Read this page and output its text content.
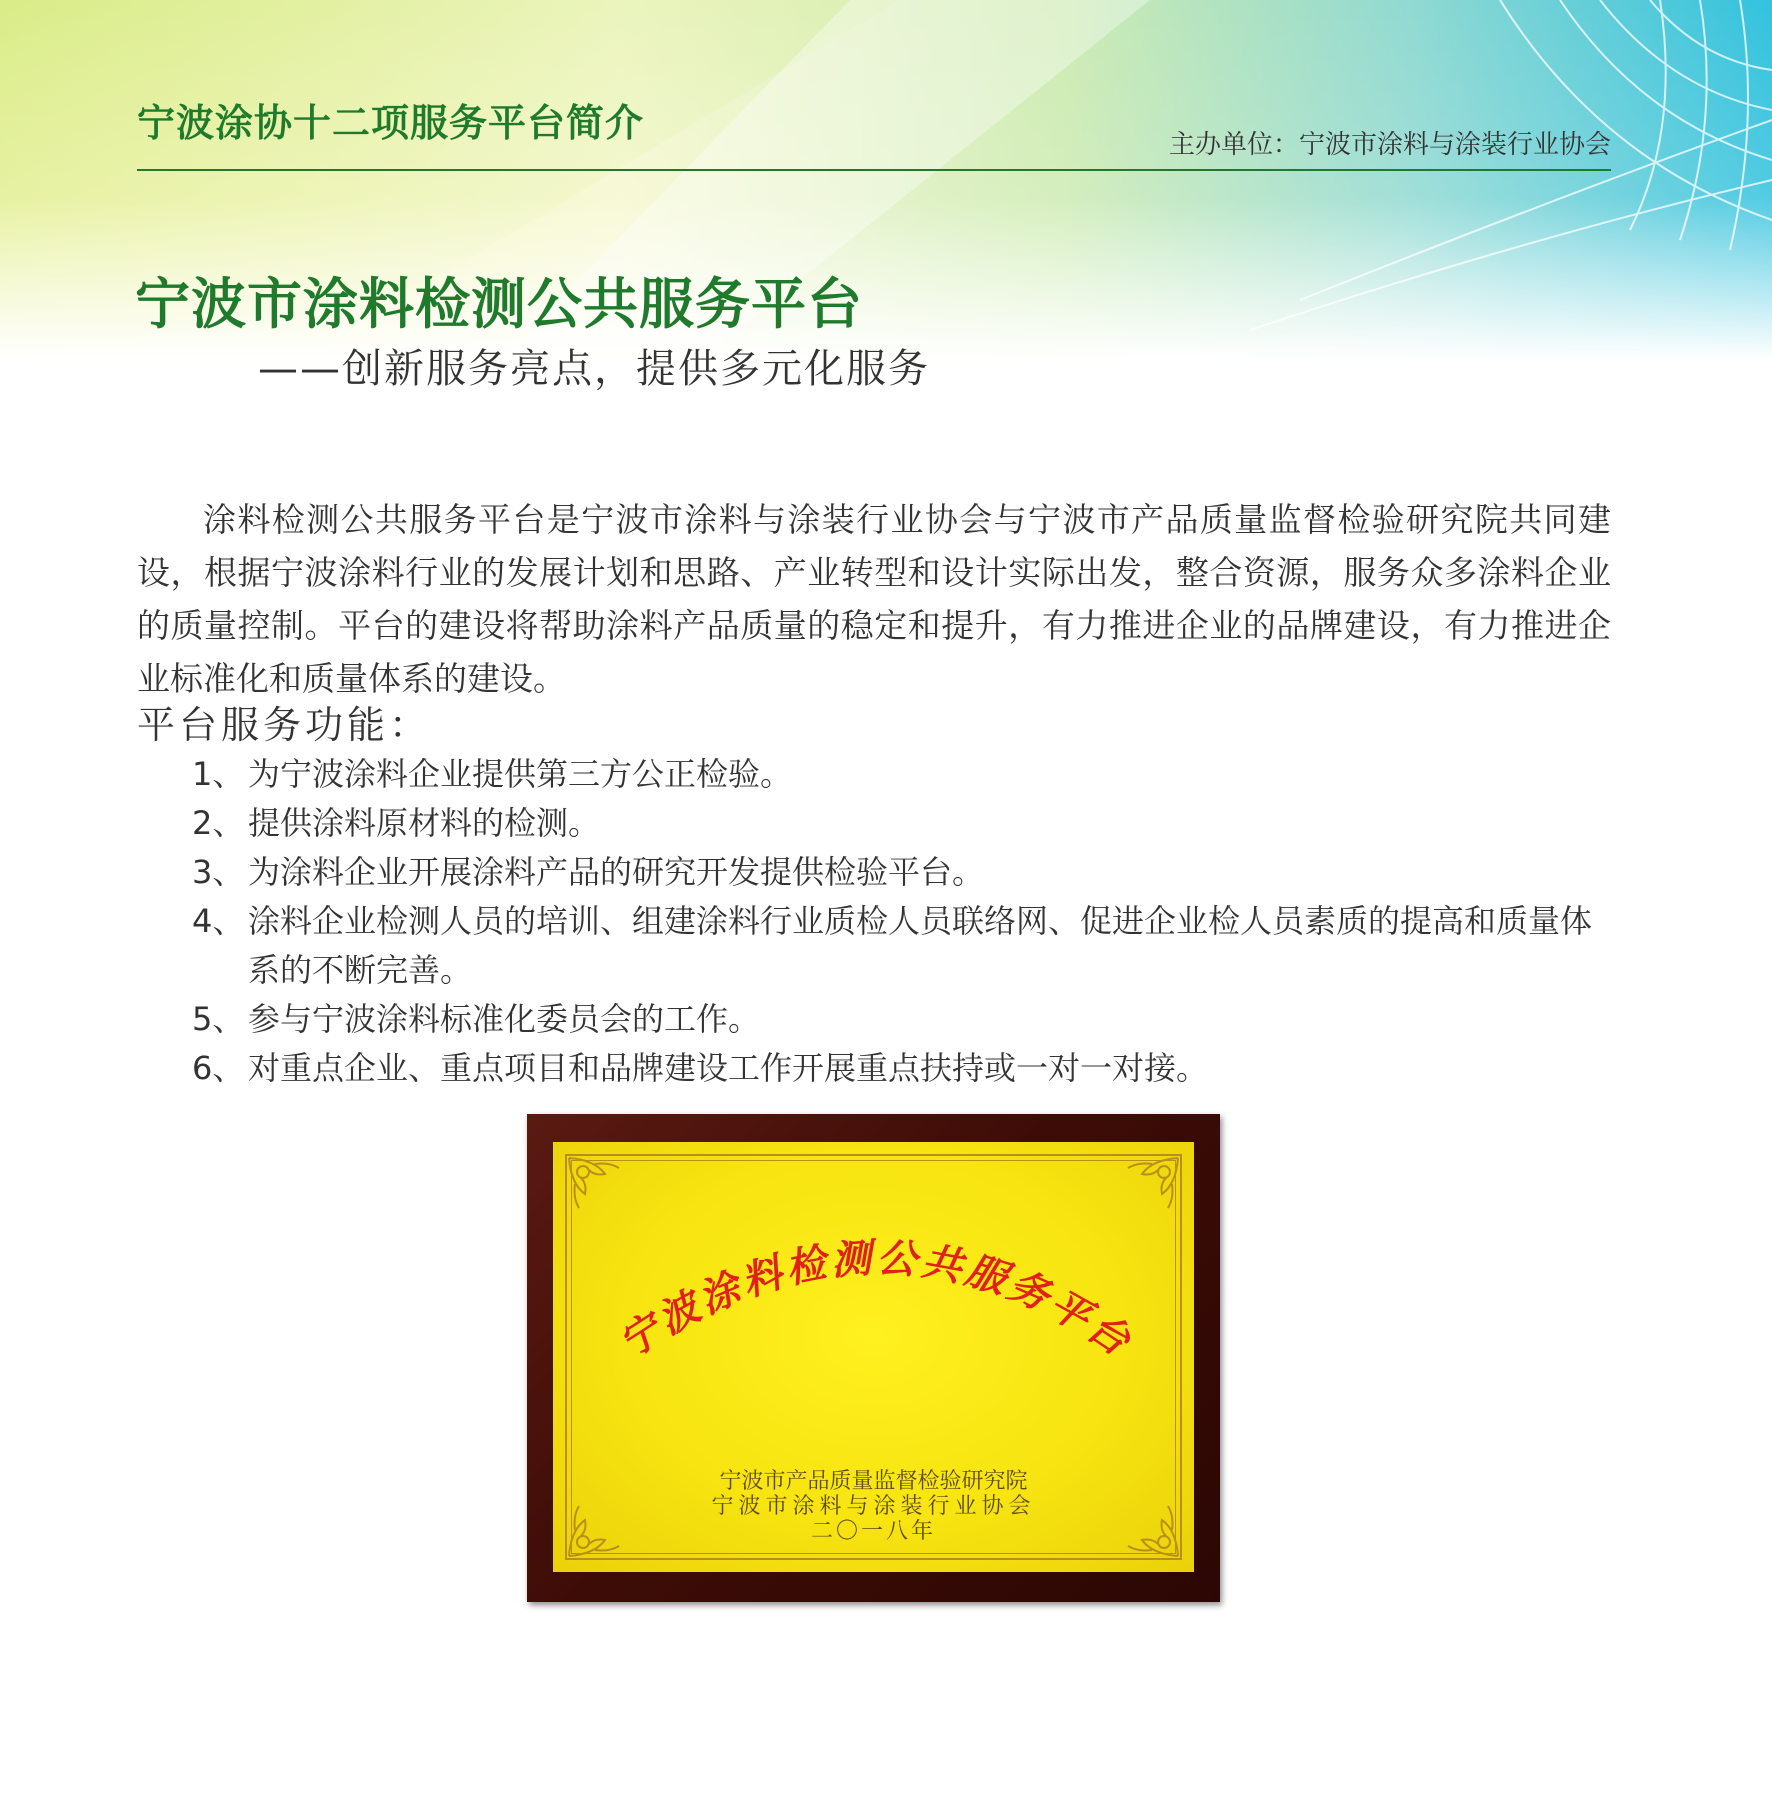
宁波涂协十二项服务平台简介	主办单位：宁波市涂料与涂装行业协会
宁波市涂料检测公共服务平台
——创新服务亮点，提供多元化服务

涂料检测公共服务平台是宁波市涂料与涂装行业协会与宁波市产品质量监督检验研究院共同建设，根据宁波涂料行业的发展计划和思路、产业转型和设计实际出发，整合资源，服务众多涂料企业的质量控制。平台的建设将帮助涂料产品质量的稳定和提升，有力推进企业的品牌建设，有力推进企业标准化和质量体系的建设。

平台服务功能：
1、 为宁波涂料企业提供第三方公正检验。
2、 提供涂料原材料的检测。
3、 为涂料企业开展涂料产品的研究开发提供检验平台。
4、 涂料企业检测人员的培训、组建涂料行业质检人员联络网、促进企业检人员素质的提高和质量体系的不断完善。
5、 参与宁波涂料标准化委员会的工作。
6、 对重点企业、重点项目和品牌建设工作开展重点扶持或一对一对接。
宁波涂料检测公共服务平台
宁波市产品质量监督检验研究院
宁波市涂料与涂装行业协会
二〇一八年
